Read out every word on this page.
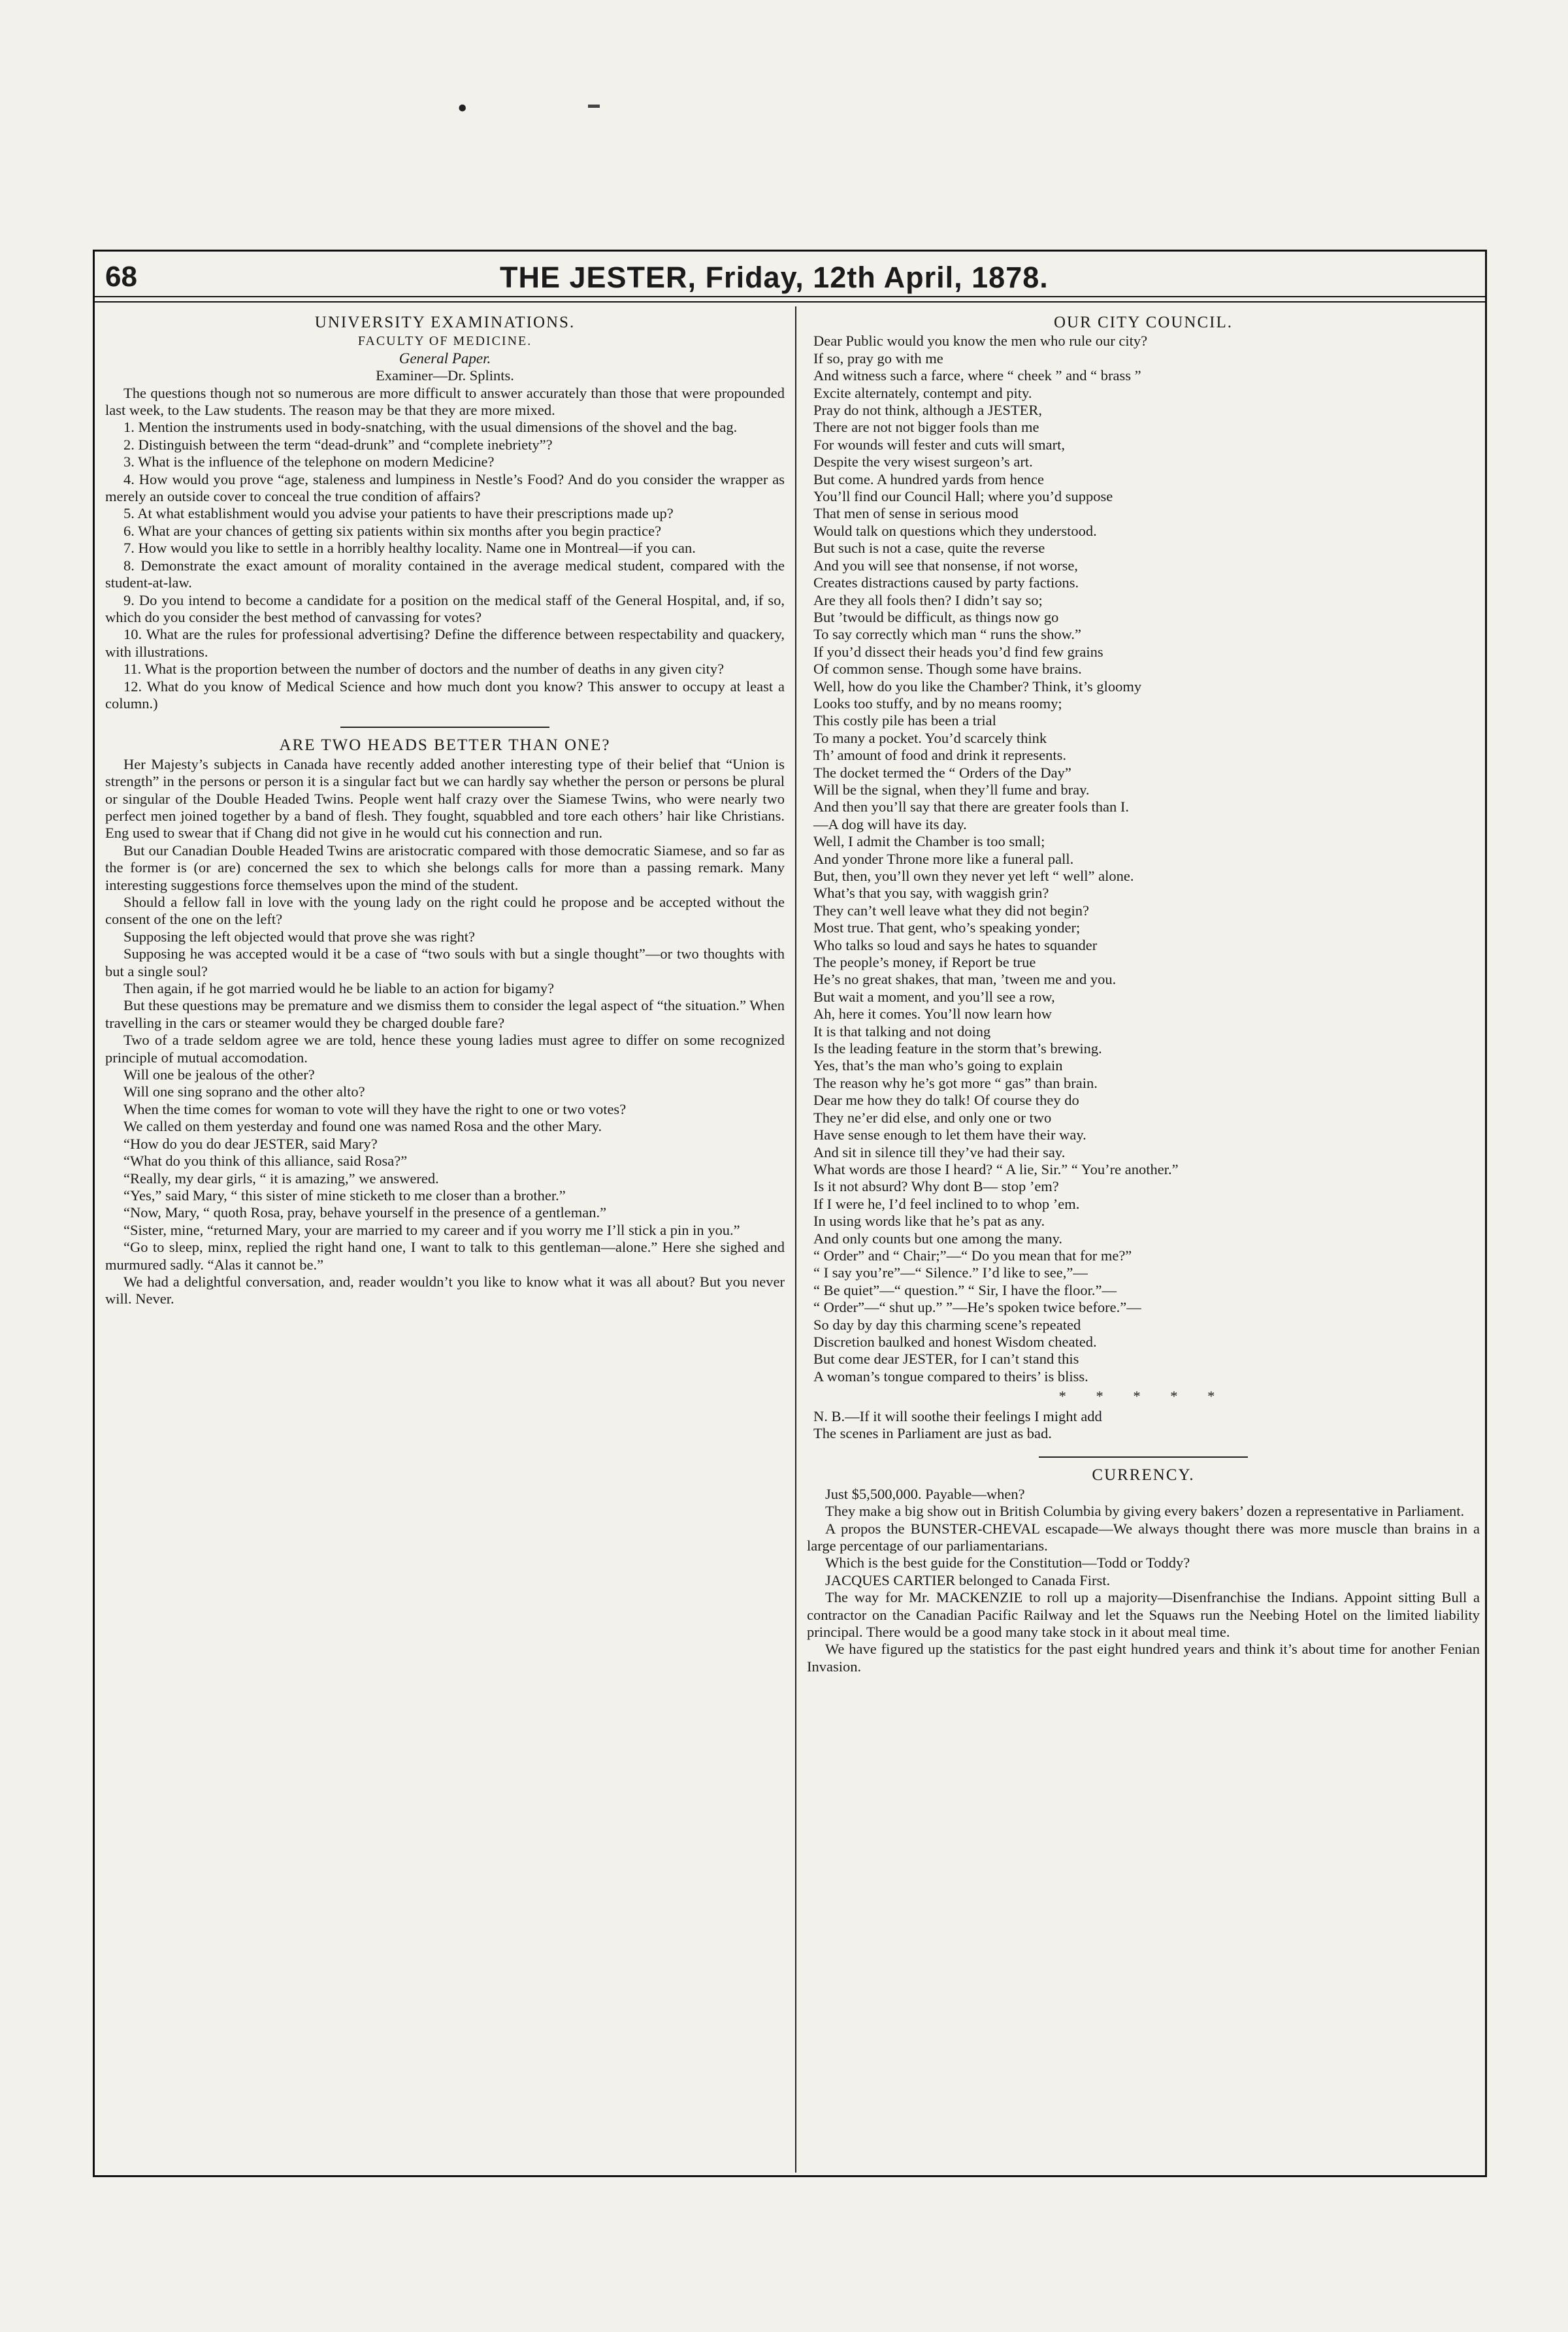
•
68	THE JESTER, Friday, 12th April, 1878.
UNIVERSITY EXAMINATIONS.
FACULTY OF MEDICINE.
General Paper.
Examiner—Dr. Splints.
The questions though not so numerous are more difficult to answer accurately than those that were propounded last week, to the Law students. The reason may be that they are more mixed.
1. Mention the instruments used in body-snatching, with the usual dimensions of the shovel and the bag.
2. Distinguish between the term “dead-drunk” and “complete inebriety”?
3. What is the influence of the telephone on modern Medicine?
4. How would you prove “age, staleness and lumpiness in Nestle’s Food? And do you consider the wrapper as merely an outside cover to conceal the true condition of affairs?
5. At what establishment would you advise your patients to have their prescriptions made up?
6. What are your chances of getting six patients within six months after you begin practice?
7. How would you like to settle in a horribly healthy locality. Name one in Montreal—if you can.
8. Demonstrate the exact amount of morality contained in the average medical student, compared with the student-at-law.
9. Do you intend to become a candidate for a position on the medical staff of the General Hospital, and, if so, which do you consider the best method of canvassing for votes?
10. What are the rules for professional advertising? Define the difference between respectability and quackery, with illustrations.
11. What is the proportion between the number of doctors and the number of deaths in any given city?
12. What do you know of Medical Science and how much dont you know? This answer to occupy at least a column.)
ARE TWO HEADS BETTER THAN ONE?
Her Majesty’s subjects in Canada have recently added another interesting type of their belief that “Union is strength” in the persons or person it is a singular fact but we can hardly say whether the person or persons be plural or singular of the Double Headed Twins. People went half crazy over the Siamese Twins, who were nearly two perfect men joined together by a band of flesh. They fought, squabbled and tore each others’ hair like Christians. Eng used to swear that if Chang did not give in he would cut his connection and run.
But our Canadian Double Headed Twins are aristocratic compared with those democratic Siamese, and so far as the former is (or are) concerned the sex to which she belongs calls for more than a passing remark. Many interesting suggestions force themselves upon the mind of the student.
Should a fellow fall in love with the young lady on the right could he propose and be accepted without the consent of the one on the left?
Supposing the left objected would that prove she was right?
Supposing he was accepted would it be a case of “two souls with but a single thought”—or two thoughts with but a single soul?
Then again, if he got married would he be liable to an action for bigamy?
But these questions may be premature and we dismiss them to consider the legal aspect of “the situation.” When travelling in the cars or steamer would they be charged double fare?
Two of a trade seldom agree we are told, hence these young ladies must agree to differ on some recognized principle of mutual accomodation.
Will one be jealous of the other?
Will one sing soprano and the other alto?
When the time comes for woman to vote will they have the right to one or two votes?
We called on them yesterday and found one was named Rosa and the other Mary.
“How do you do dear JESTER, said Mary?
“What do you think of this alliance, said Rosa?”
“Really, my dear girls, “ it is amazing,” we answered.
“Yes,” said Mary, “ this sister of mine sticketh to me closer than a brother.”
“Now, Mary, “ quoth Rosa, pray, behave yourself in the presence of a gentleman.”
“Sister, mine, “returned Mary, your are married to my career and if you worry me I’ll stick a pin in you.”
“Go to sleep, minx, replied the right hand one, I want to talk to this gentleman—alone.” Here she sighed and murmured sadly. “Alas it cannot be.”
We had a delightful conversation, and, reader wouldn’t you like to know what it was all about? But you never will. Never.
OUR CITY COUNCIL.
Dear Public would you know the men who rule our city?
If so, pray go with me
And witness such a farce, where “ cheek ” and “ brass ”
Excite alternately, contempt and pity.
Pray do not think, although a JESTER,
There are not not bigger fools than me
For wounds will fester and cuts will smart,
Despite the very wisest surgeon’s art.
But come. A hundred yards from hence
You’ll find our Council Hall; where you’d suppose
That men of sense in serious mood
Would talk on questions which they understood.
But such is not a case, quite the reverse
And you will see that nonsense, if not worse,
Creates distractions caused by party factions.
Are they all fools then? I didn’t say so;
But ’twould be difficult, as things now go
To say correctly which man “ runs the show.”
If you’d dissect their heads you’d find few grains
Of common sense. Though some have brains.
Well, how do you like the Chamber? Think, it’s gloomy
Looks too stuffy, and by no means roomy;
This costly pile has been a trial
To many a pocket. You’d scarcely think
Th’ amount of food and drink it represents.
The docket termed the “ Orders of the Day”
Will be the signal, when they’ll fume and bray.
And then you’ll say that there are greater fools than I.
—A dog will have its day.
Well, I admit the Chamber is too small;
And yonder Throne more like a funeral pall.
But, then, you’ll own they never yet left “ well” alone.
What’s that you say, with waggish grin?
They can’t well leave what they did not begin?
Most true. That gent, who’s speaking yonder;
Who talks so loud and says he hates to squander
The people’s money, if Report be true
He’s no great shakes, that man, ’tween me and you.
But wait a moment, and you’ll see a row,
Ah, here it comes. You’ll now learn how
It is that talking and not doing
Is the leading feature in the storm that’s brewing.
Yes, that’s the man who’s going to explain
The reason why he’s got more “ gas” than brain.
Dear me how they do talk! Of course they do
They ne’er did else, and only one or two
Have sense enough to let them have their way.
And sit in silence till they’ve had their say.
What words are those I heard? “ A lie, Sir.” “ You’re another.”
Is it not absurd? Why dont B— stop ’em?
If I were he, I’d feel inclined to to whop ’em.
In using words like that he’s pat as any.
And only counts but one among the many.
“ Order” and “ Chair;”—“ Do you mean that for me?”
“ I say you’re”—“ Silence.” I’d like to see,”—
“ Be quiet”—“ question.” “ Sir, I have the floor.”—
“ Order”—“ shut up.” ”—He’s spoken twice before.”—
So day by day this charming scene’s repeated
Discretion baulked and honest Wisdom cheated.
But come dear JESTER, for I can’t stand this
A woman’s tongue compared to theirs’ is bliss.
* * * * *
N. B.—If it will soothe their feelings I might add
The scenes in Parliament are just as bad.
CURRENCY.
Just $5,500,000. Payable—when?
They make a big show out in British Columbia by giving every bakers’ dozen a representative in Parliament.
A propos the BUNSTER-CHEVAL escapade—We always thought there was more muscle than brains in a large percentage of our parliamentarians.
Which is the best guide for the Constitution—Todd or Toddy?
JACQUES CARTIER belonged to Canada First.
The way for Mr. MACKENZIE to roll up a majority—Disenfranchise the Indians. Appoint sitting Bull a contractor on the Canadian Pacific Railway and let the Squaws run the Neebing Hotel on the limited liability principal. There would be a good many take stock in it about meal time.
We have figured up the statistics for the past eight hundred years and think it’s about time for another Fenian Invasion.
